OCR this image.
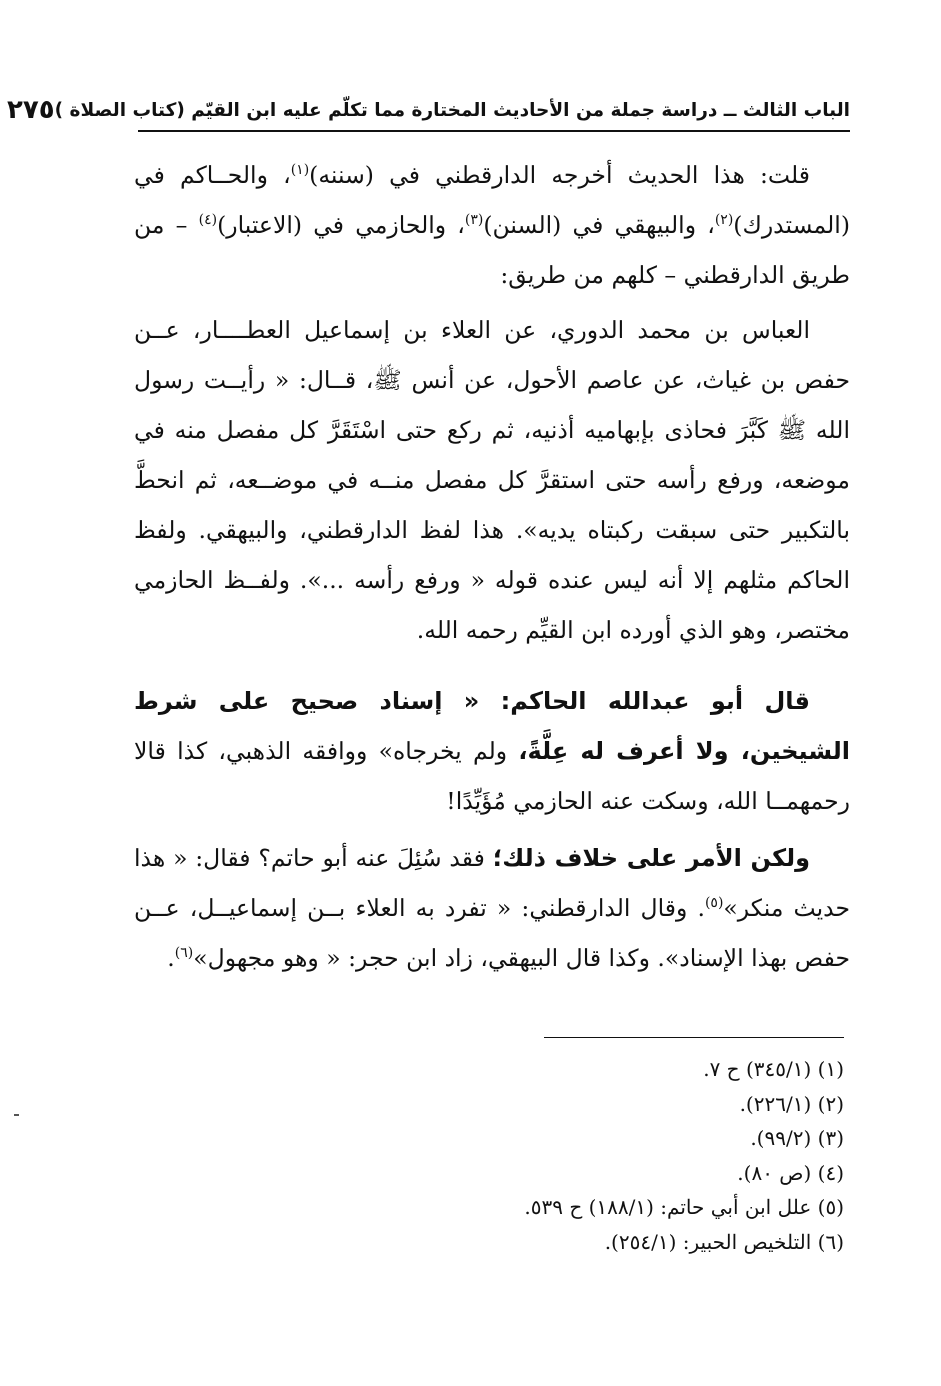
الباب الثالث ــ دراسة جملة من الأحاديث المختارة مما تكلّم عليه ابن القيّم (كتاب الصلاة )
٢٧٥

قلت: هذا الحديث أخرجه الدارقطني في (سننه)$^{(١)}$، والحــاكم في (المستدرك)$^{(٢)}$، والبيهقي في (السنن)$^{(٣)}$، والحازمي في (الاعتبار)$^{(٤)}$ – من طريق الدارقطني – كلهم من طريق:

العباس بن محمد الدوري، عن العلاء بن إسماعيل العطــــار، عــن حفص بن غياث، عن عاصم الأحول، عن أنس ﷺ، قــال: « رأيــت رسول الله ﷺ كَبَّرَ فحاذى بإبهاميه أذنيه، ثم ركع حتى اسْتَقَرَّ كل مفصل منه في موضعه، ورفع رأسه حتى استقرَّ كل مفصل منــه في موضــعه، ثم انحطَّ بالتكبير حتى سبقت ركبتاه يديه». هذا لفظ الدارقطني، والبيهقي. ولفظ الحاكم مثلهم إلا أنه ليس عنده قوله « ورفع رأسه ...». ولفــظ الحازمي مختصر، وهو الذي أورده ابن القيِّم رحمه الله.

قال أبو عبدالله الحاكم: « إسناد صحيح على شرط الشيخين، ولا أعرف له عِلَّةً، ولم يخرجاه» ووافقه الذهبي، كذا قالا رحمهمــا الله، وسكت عنه الحازمي مُؤَيِّدًا!

ولكن الأمر على خلاف ذلك؛ فقد سُئِلَ عنه أبو حاتم؟ فقال: « هذا حديث منكر»$^{(٥)}$. وقال الدارقطني: « تفرد به العلاء بــن إسماعيــل، عــن حفص بهذا الإسناد». وكذا قال البيهقي، زاد ابن حجر: « وهو مجهول»$^{(٦)}$.

(١) (٣٤٥/١) ح ٧.
(٢) (٢٢٦/١).
(٣) (٩٩/٢).
(٤) (ص ٨٠).
(٥) علل ابن أبي حاتم: (١٨٨/١) ح ٥٣٩.
(٦) التلخيص الحبير: (٢٥٤/١).
